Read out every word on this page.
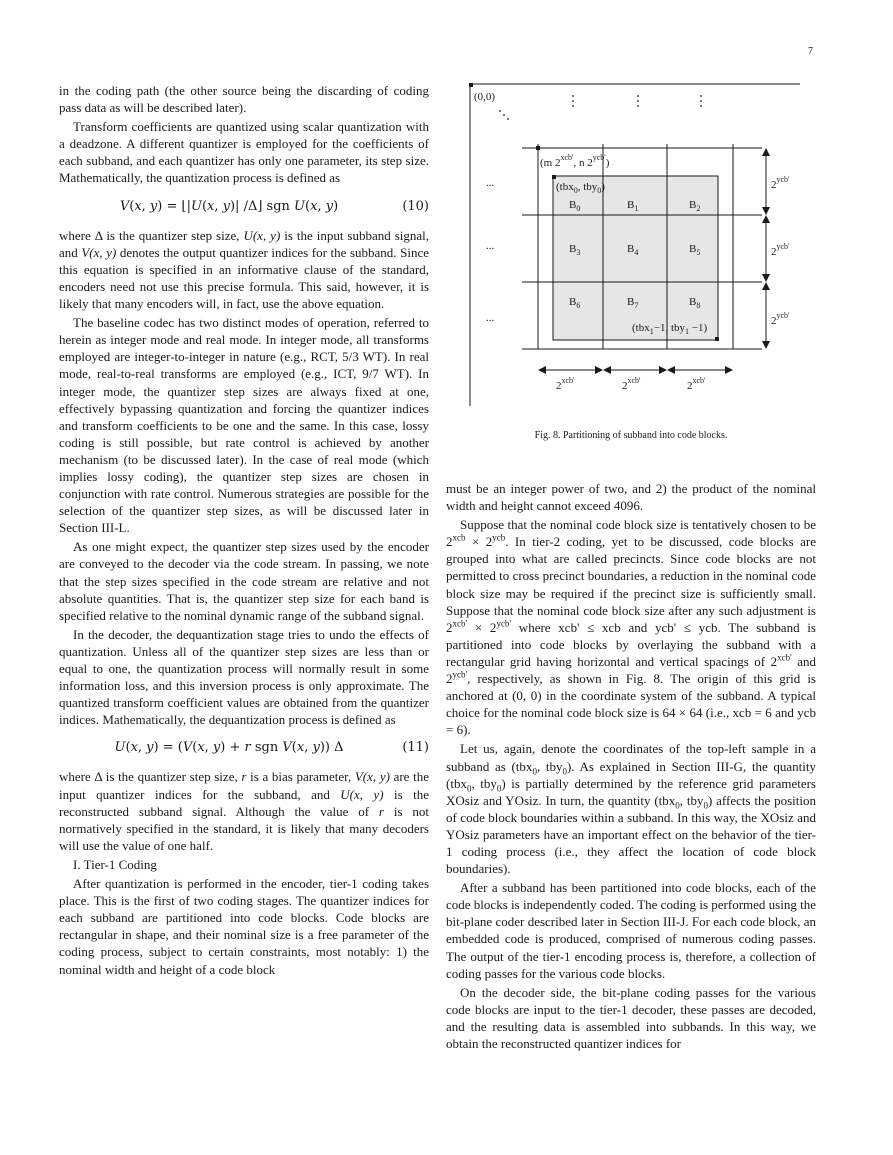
7

in the coding path (the other source being the discarding of coding pass data as will be described later).

Transform coefficients are quantized using scalar quantization with a deadzone. A different quantizer is employed for the coefficients of each subband, and each quantizer has only one parameter, its step size. Mathematically, the quantization process is defined as

V(x, y) = ⌊|U(x, y)| /Δ⌋ sgn U(x, y)	(10)

where Δ is the quantizer step size, U(x, y) is the input subband signal, and V(x, y) denotes the output quantizer indices for the subband. Since this equation is specified in an informative clause of the standard, encoders need not use this precise formula. This said, however, it is likely that many encoders will, in fact, use the above equation.

The baseline codec has two distinct modes of operation, referred to herein as integer mode and real mode. In integer mode, all transforms employed are integer-to-integer in nature (e.g., RCT, 5/3 WT). In real mode, real-to-real transforms are employed (e.g., ICT, 9/7 WT). In integer mode, the quantizer step sizes are always fixed at one, effectively bypassing quantization and forcing the quantizer indices and transform coefficients to be one and the same. In this case, lossy coding is still possible, but rate control is achieved by another mechanism (to be discussed later). In the case of real mode (which implies lossy coding), the quantizer step sizes are chosen in conjunction with rate control. Numerous strategies are possible for the selection of the quantizer step sizes, as will be discussed later in Section III-L.

As one might expect, the quantizer step sizes used by the encoder are conveyed to the decoder via the code stream. In passing, we note that the step sizes specified in the code stream are relative and not absolute quantities. That is, the quantizer step size for each band is specified relative to the nominal dynamic range of the subband signal.

In the decoder, the dequantization stage tries to undo the effects of quantization. Unless all of the quantizer step sizes are less than or equal to one, the quantization process will normally result in some information loss, and this inversion process is only approximate. The quantized transform coefficient values are obtained from the quantizer indices. Mathematically, the dequantization process is defined as

U(x, y) = (V(x, y) + r sgn V(x, y)) Δ	(11)

where Δ is the quantizer step size, r is a bias parameter, V(x, y) are the input quantizer indices for the subband, and U(x, y) is the reconstructed subband signal. Although the value of r is not normatively specified in the standard, it is likely that many decoders will use the value of one half.

I. Tier-1 Coding

After quantization is performed in the encoder, tier-1 coding takes place. This is the first of two coding stages. The quantizer indices for each subband are partitioned into code blocks. Code blocks are rectangular in shape, and their nominal size is a free parameter of the coding process, subject to certain constraints, most notably: 1) the nominal width and height of a code block

(0,0)
(m $2^{xcb'}$, n $2^{ycb'}$)
(tbx$_0$, tby$_0$)
(tbx$_1$−1, tby$_1$ −1)
$B_0$	$B_1$	$B_2$
$B_3$	$B_4$	$B_5$
$B_6$	$B_7$	$B_8$
...
...
...
$2^{ycb'}$
$2^{ycb'}$
$2^{ycb'}$
$2^{xcb'}$	$2^{xcb'}$	$2^{xcb'}$
Fig. 8. Partitioning of subband into code blocks.

must be an integer power of two, and 2) the product of the nominal width and height cannot exceed 4096.

Suppose that the nominal code block size is tentatively chosen to be $2^{xcb} \times 2^{ycb}$. In tier-2 coding, yet to be discussed, code blocks are grouped into what are called precincts. Since code blocks are not permitted to cross precinct boundaries, a reduction in the nominal code block size may be required if the precinct size is sufficiently small. Suppose that the nominal code block size after any such adjustment is $2^{xcb'} \times 2^{ycb'}$ where xcb' ≤ xcb and ycb' ≤ ycb. The subband is partitioned into code blocks by overlaying the subband with a rectangular grid having horizontal and vertical spacings of $2^{xcb'}$ and $2^{ycb'}$, respectively, as shown in Fig. 8. The origin of this grid is anchored at (0, 0) in the coordinate system of the subband. A typical choice for the nominal code block size is 64 × 64 (i.e., xcb = 6 and ycb = 6).

Let us, again, denote the coordinates of the top-left sample in a subband as (tbx$_0$, tby$_0$). As explained in Section III-G, the quantity (tbx$_0$, tby$_0$) is partially determined by the reference grid parameters XOsiz and YOsiz. In turn, the quantity (tbx$_0$, tby$_0$) affects the position of code block boundaries within a subband. In this way, the XOsiz and YOsiz parameters have an important effect on the behavior of the tier-1 coding process (i.e., they affect the location of code block boundaries).

After a subband has been partitioned into code blocks, each of the code blocks is independently coded. The coding is performed using the bit-plane coder described later in Section III-J. For each code block, an embedded code is produced, comprised of numerous coding passes. The output of the tier-1 encoding process is, therefore, a collection of coding passes for the various code blocks.

On the decoder side, the bit-plane coding passes for the various code blocks are input to the tier-1 decoder, these passes are decoded, and the resulting data is assembled into subbands. In this way, we obtain the reconstructed quantizer indices for
